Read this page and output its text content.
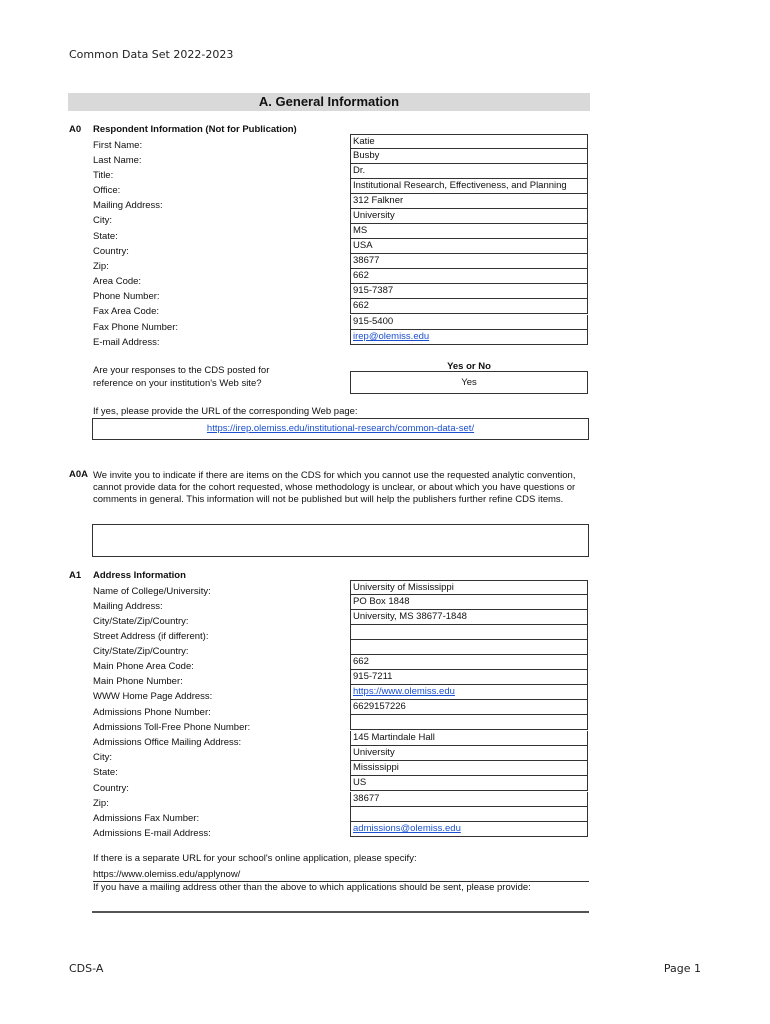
Common Data Set 2022-2023
A. General Information
A0 Respondent Information (Not for Publication)
First Name:	Katie
Last Name:	Busby
Title:	Dr.
Office:	Institutional Research, Effectiveness, and Planning
Mailing Address:	312 Falkner
City:	University
State:
MS
Country:
USA
Zip:
38677
Area Code:
662
Phone Number:
915-7387
Fax Area Code:
662
Fax Phone Number:
915-5400
E-mail Address:
irep@olemiss.edu
Are your responses to the CDS posted for
reference on your institution's Web site?
Yes or No
Yes
If yes, please provide the URL of the corresponding Web page:
https://irep.olemiss.edu/institutional-research/common-data-set/
A0A We invite you to indicate if there are items on the CDS for which you cannot use the requested analytic convention,
cannot provide data for the cohort requested, whose methodology is unclear, or about which you have questions or
comments in general. This information will not be published but will help the publishers further refine CDS items.
A1 Address Information
Name of College/University:	University of Mississippi
Mailing Address:	PO Box 1848
City/State/Zip/Country:	University, MS 38677-1848
Street Address (if different):
City/State/Zip/Country:
Main Phone Area Code:	662
Main Phone Number:	915-7211
WWW Home Page Address:	https://www.olemiss.edu
Admissions Phone Number:
6629157226
Admissions Toll-Free Phone Number:
Admissions Office Mailing Address:	145 Martindale Hall
City:	University
State:	Mississippi
Country:
US
Zip:	38677
Admissions Fax Number:
Admissions E-mail Address:	admissions@olemiss.edu
If there is a separate URL for your school's online application, please specify:
https://www.olemiss.edu/applynow/
If you have a mailing address other than the above to which applications should be sent, please provide:
CDS-A	Page 1
